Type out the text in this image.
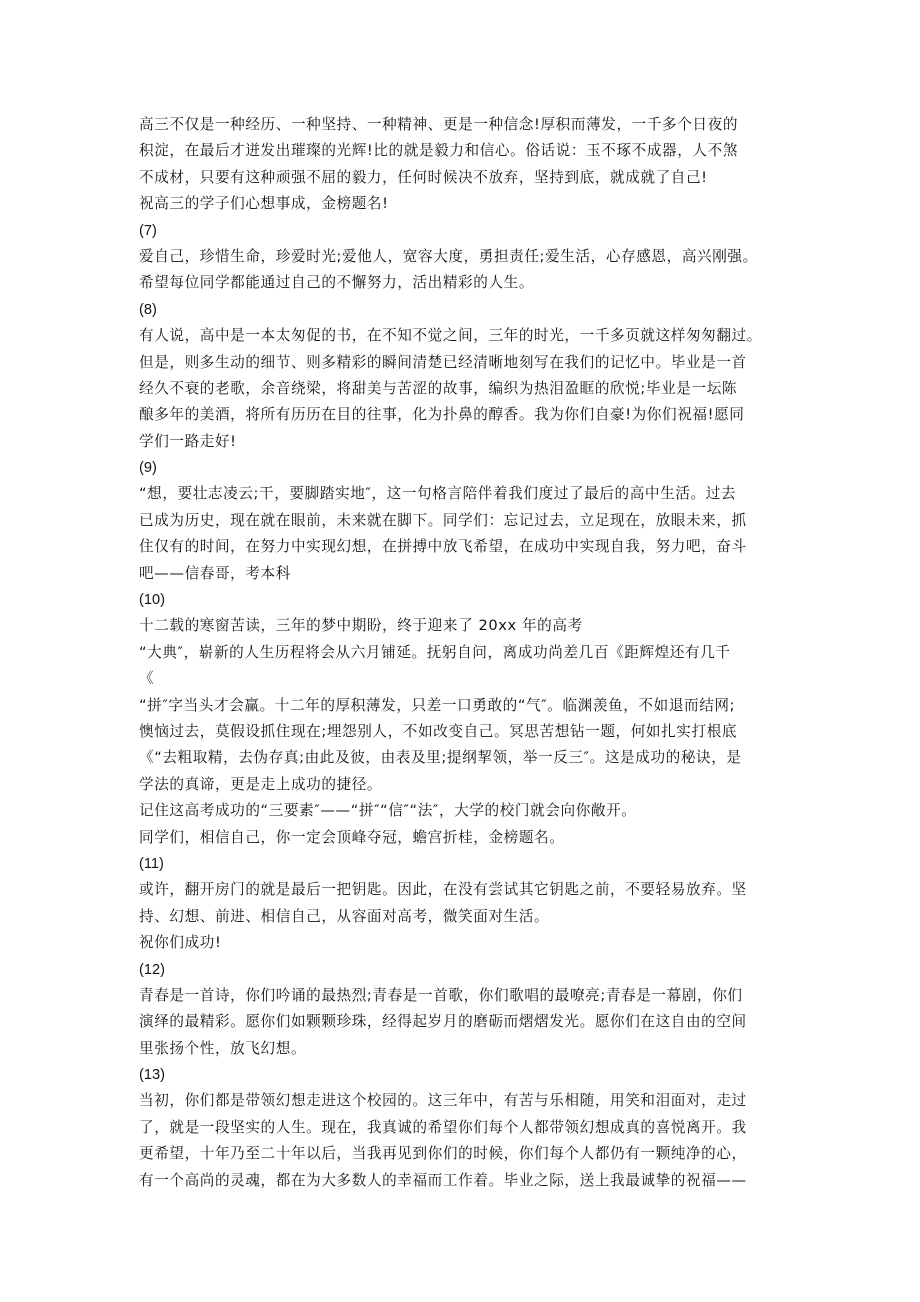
高三不仅是一种经历、一种坚持、一种精神、更是一种信念!厚积而薄发，一千多个日夜的
积淀，在最后才迸发出璀璨的光辉!比的就是毅力和信心。俗话说：玉不琢不成器，人不煞
不成材，只要有这种顽强不屈的毅力，任何时候决不放弃，坚持到底，就成就了自己!
祝高三的学子们心想事成，金榜题名!
(7)
爱自己，珍惜生命，珍爱时光;爱他人，宽容大度，勇担责任;爱生活，心存感恩，高兴刚强。
希望每位同学都能通过自己的不懈努力，活出精彩的人生。
(8)
有人说，高中是一本太匆促的书，在不知不觉之间，三年的时光，一千多页就这样匆匆翻过。
但是，则多生动的细节、则多精彩的瞬间清楚已经清晰地刻写在我们的记忆中。毕业是一首
经久不衰的老歌，余音绕梁，将甜美与苦涩的故事，编织为热泪盈眶的欣悦;毕业是一坛陈
酿多年的美酒，将所有历历在目的往事，化为扑鼻的醇香。我为你们自豪!为你们祝福!愿同
学们一路走好!
(9)
“想，要壮志凌云;干，要脚踏实地″，这一句格言陪伴着我们度过了最后的高中生活。过去
已成为历史，现在就在眼前，未来就在脚下。同学们：忘记过去，立足现在，放眼未来，抓
住仅有的时间，在努力中实现幻想，在拼搏中放飞希望，在成功中实现自我，努力吧，奋斗
吧——信春哥，考本科
(10)
十二载的寒窗苦读，三年的梦中期盼，终于迎来了 20xx 年的高考
“大典″，崭新的人生历程将会从六月铺延。抚躬自问，离成功尚差几百《距辉煌还有几千
《
“拼″字当头才会赢。十二年的厚积薄发，只差一口勇敢的“气″。临渊羡鱼，不如退而结网;
懊恼过去，莫假设抓住现在;埋怨别人，不如改变自己。冥思苦想钻一题，何如扎实打根底
《“去粗取精，去伪存真;由此及彼，由表及里;提纲挈领，举一反三″。这是成功的秘诀，是
学法的真谛，更是走上成功的捷径。
记住这高考成功的“三要素″——“拼″“信″“法″，大学的校门就会向你敞开。
同学们，相信自己，你一定会顶峰夺冠，蟾宫折桂，金榜题名。
(11)
或许，翻开房门的就是最后一把钥匙。因此，在没有尝试其它钥匙之前，不要轻易放弃。坚
持、幻想、前进、相信自己，从容面对高考，微笑面对生活。
祝你们成功!
(12)
青春是一首诗，你们吟诵的最热烈;青春是一首歌，你们歌唱的最嘹亮;青春是一幕剧，你们
演绎的最精彩。愿你们如颗颗珍珠，经得起岁月的磨砺而熠熠发光。愿你们在这自由的空间
里张扬个性，放飞幻想。
(13)
当初，你们都是带领幻想走进这个校园的。这三年中，有苦与乐相随，用笑和泪面对，走过
了，就是一段坚实的人生。现在，我真诚的希望你们每个人都带领幻想成真的喜悦离开。我
更希望，十年乃至二十年以后，当我再见到你们的时候，你们每个人都仍有一颗纯净的心，
有一个高尚的灵魂，都在为大多数人的幸福而工作着。毕业之际，送上我最诚挚的祝福——
